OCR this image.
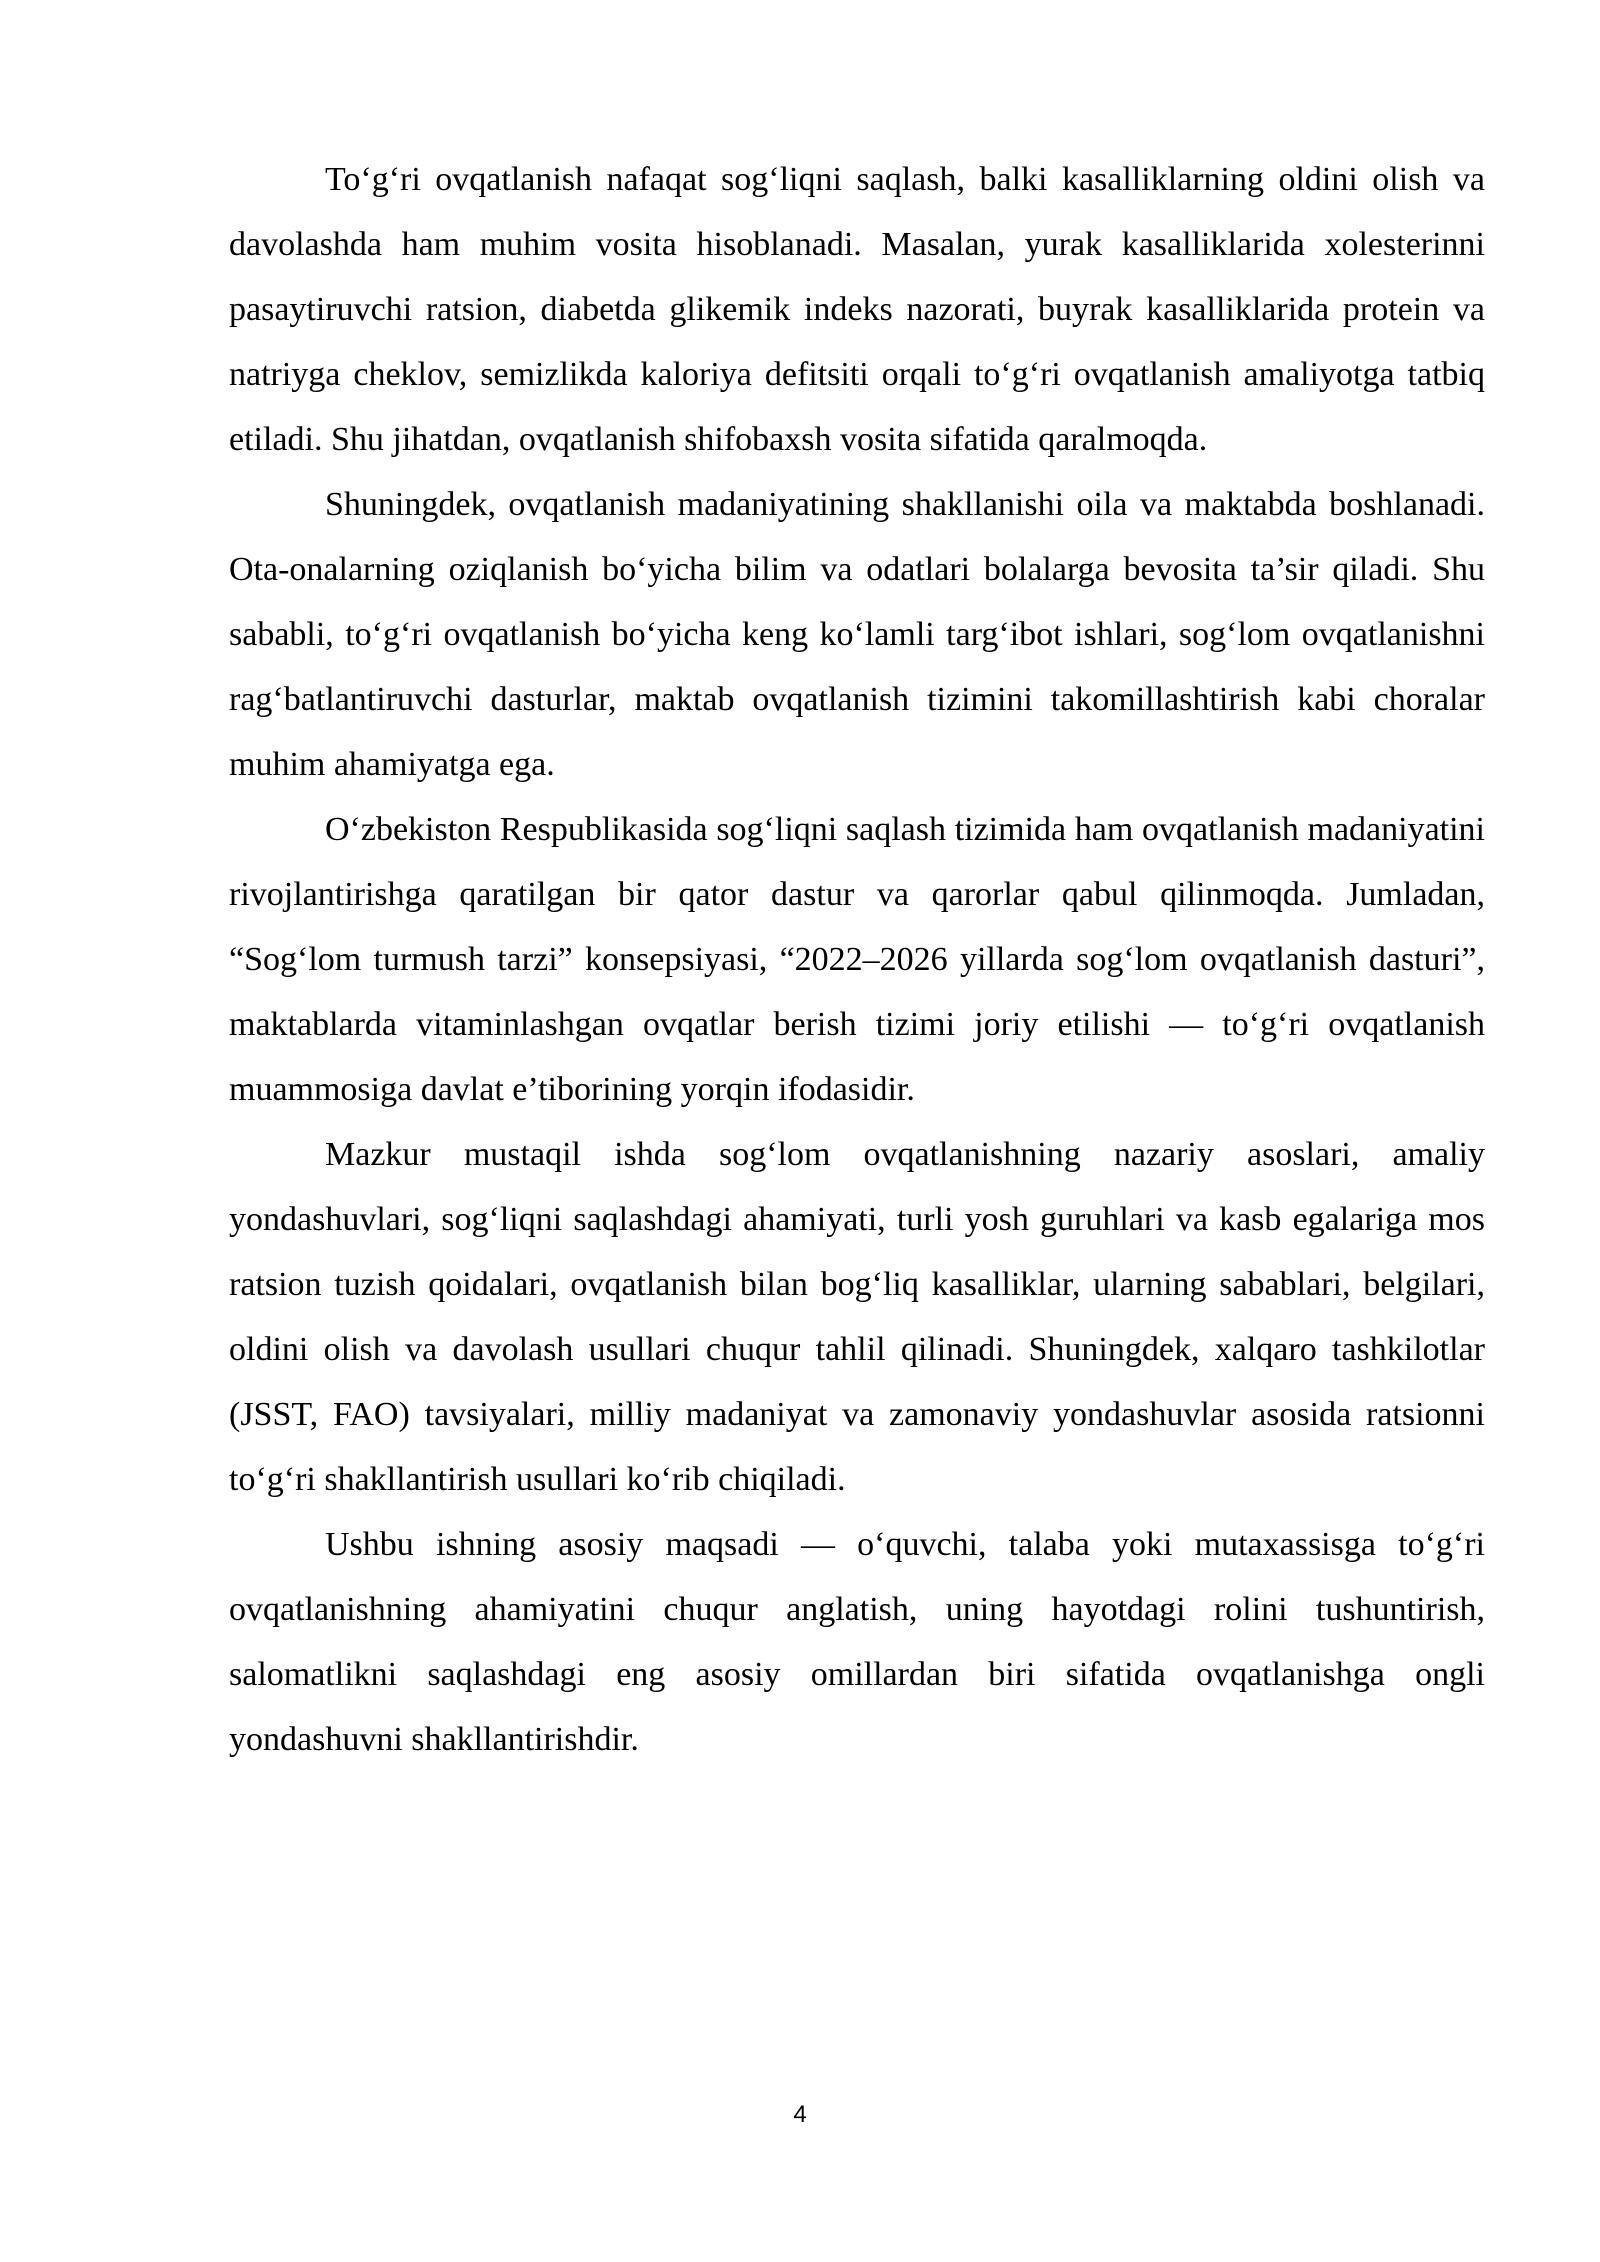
To‘g‘ri ovqatlanish nafaqat sog‘liqni saqlash, balki kasalliklarning oldini olish va davolashda ham muhim vosita hisoblanadi. Masalan, yurak kasalliklarida xolesterinni pasaytiruvchi ratsion, diabetda glikemik indeks nazorati, buyrak kasalliklarida protein va natriyga cheklov, semizlikda kaloriya defitsiti orqali to‘g‘ri ovqatlanish amaliyotga tatbiq etiladi. Shu jihatdan, ovqatlanish shifobaxsh vosita sifatida qaralmoqda.

Shuningdek, ovqatlanish madaniyatining shakllanishi oila va maktabda boshlanadi. Ota-onalarning oziqlanish bo‘yicha bilim va odatlari bolalarga bevosita ta’sir qiladi. Shu sababli, to‘g‘ri ovqatlanish bo‘yicha keng ko‘lamli targ‘ibot ishlari, sog‘lom ovqatlanishni rag‘batlantiruvchi dasturlar, maktab ovqatlanish tizimini takomillashtirish kabi choralar muhim ahamiyatga ega.

O‘zbekiston Respublikasida sog‘liqni saqlash tizimida ham ovqatlanish madaniyatini rivojlantirishga qaratilgan bir qator dastur va qarorlar qabul qilinmoqda. Jumladan, “Sog‘lom turmush tarzi” konsepsiyasi, “2022–2026 yillarda sog‘lom ovqatlanish dasturi”, maktablarda vitaminlashgan ovqatlar berish tizimi joriy etilishi — to‘g‘ri ovqatlanish muammosiga davlat e’tiborining yorqin ifodasidir.

Mazkur mustaqil ishda sog‘lom ovqatlanishning nazariy asoslari, amaliy yondashuvlari, sog‘liqni saqlashdagi ahamiyati, turli yosh guruhlari va kasb egalariga mos ratsion tuzish qoidalari, ovqatlanish bilan bog‘liq kasalliklar, ularning sabablari, belgilari, oldini olish va davolash usullari chuqur tahlil qilinadi. Shuningdek, xalqaro tashkilotlar (JSST, FAO) tavsiyalari, milliy madaniyat va zamonaviy yondashuvlar asosida ratsionni to‘g‘ri shakllantirish usullari ko‘rib chiqiladi.

Ushbu ishning asosiy maqsadi — o‘quvchi, talaba yoki mutaxassisga to‘g‘ri ovqatlanishning ahamiyatini chuqur anglatish, uning hayotdagi rolini tushuntirish, salomatlikni saqlashdagi eng asosiy omillardan biri sifatida ovqatlanishga ongli yondashuvni shakllantirishdir.

4
